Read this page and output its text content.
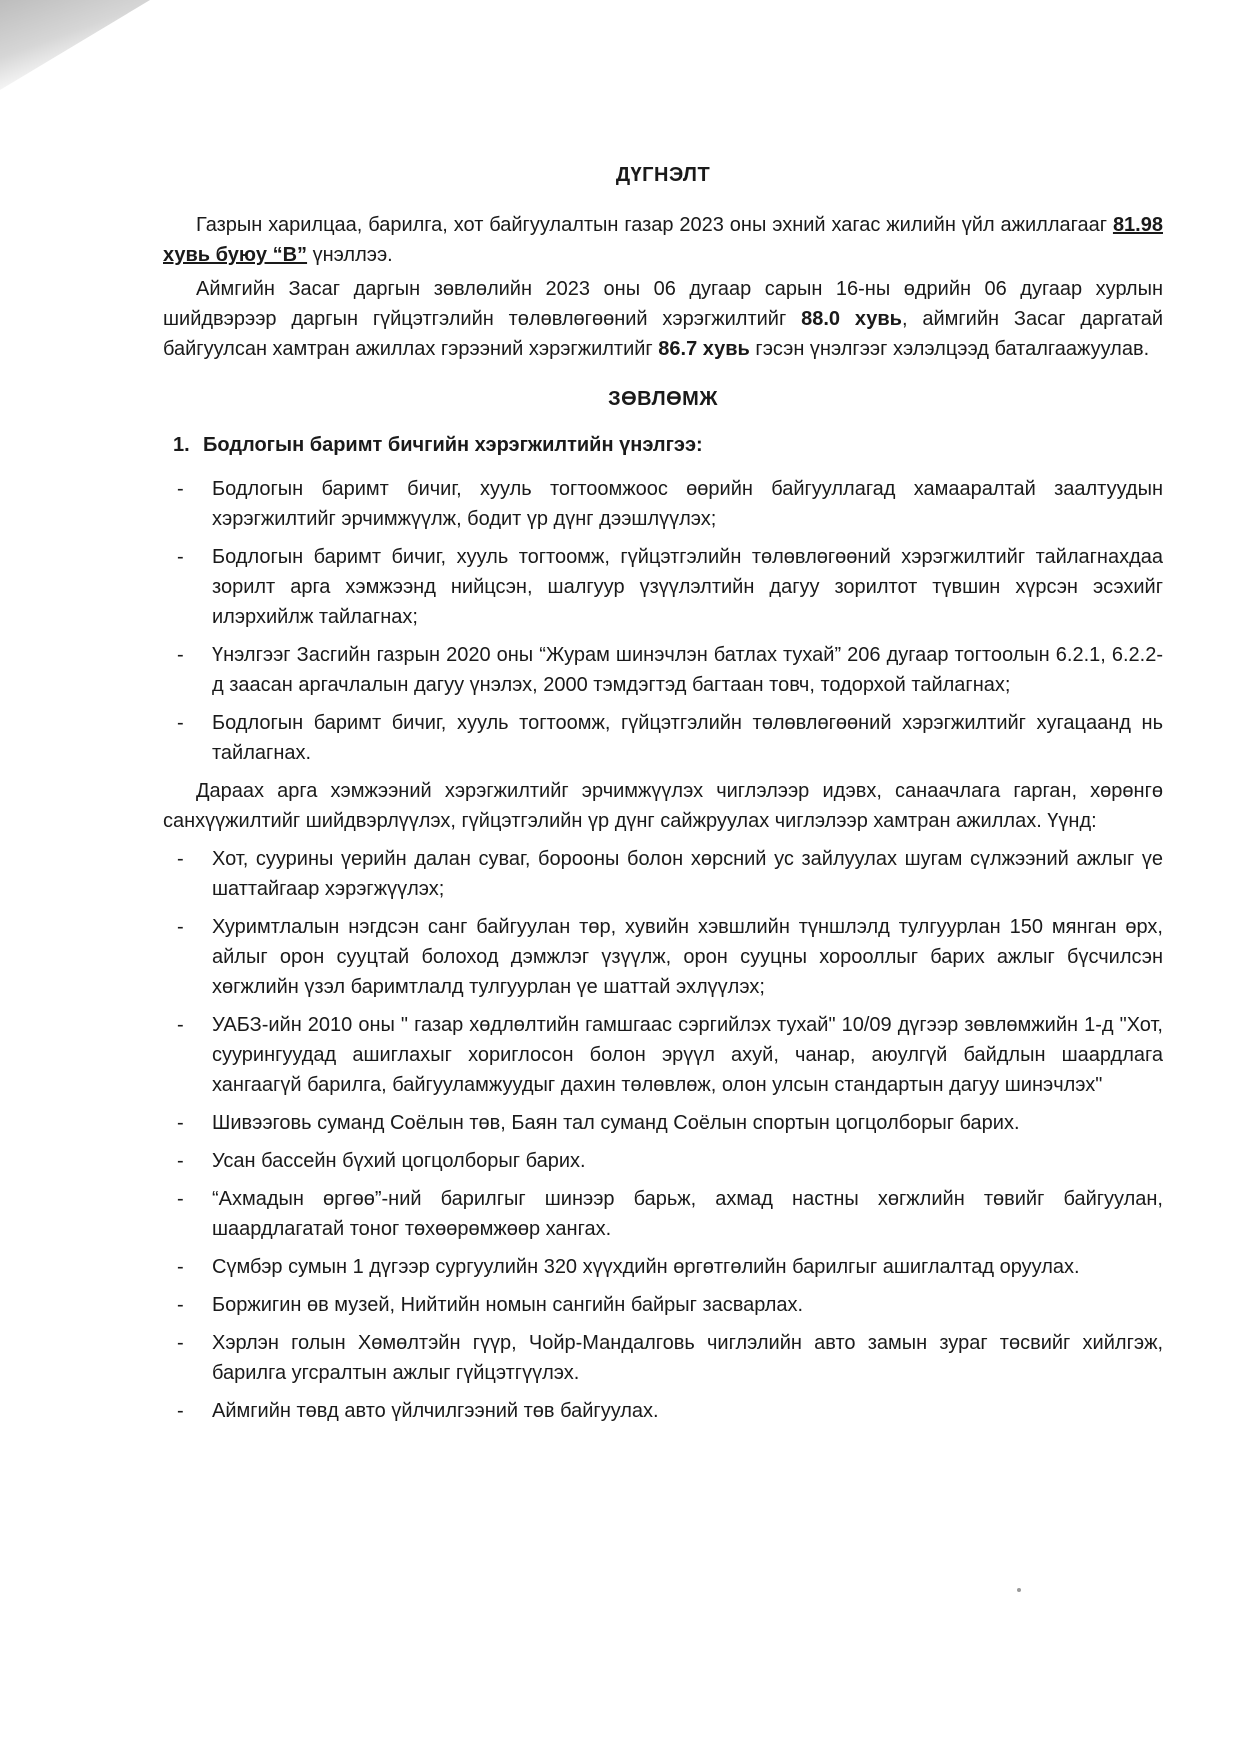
ДҮГНЭЛТ

Газрын харилцаа, барилга, хот байгуулалтын газар 2023 оны эхний хагас жилийн үйл ажиллагааг 81.98 хувь буюу “B” үнэллээ.

Аймгийн Засаг даргын зөвлөлийн 2023 оны 06 дугаар сарын 16-ны өдрийн 06 дугаар хурлын шийдвэрээр даргын гүйцэтгэлийн төлөвлөгөөний хэрэгжилтийг 88.0 хувь, аймгийн Засаг даргатай байгуулсан хамтран ажиллах гэрээний хэрэгжилтийг 86.7 хувь гэсэн үнэлгээг хэлэлцээд баталгаажуулав.

ЗӨВЛӨМЖ
1. Бодлогын баримт бичгийн хэрэгжилтийн үнэлгээ:
- Бодлогын баримт бичиг, хууль тогтоомжоос өөрийн байгууллагад хамааралтай заалтуудын хэрэгжилтийг эрчимжүүлж, бодит үр дүнг дээшлүүлэх;
- Бодлогын баримт бичиг, хууль тогтоомж, гүйцэтгэлийн төлөвлөгөөний хэрэгжилтийг тайлагнахдаа зорилт арга хэмжээнд нийцсэн, шалгуур үзүүлэлтийн дагуу зорилтот түвшин хүрсэн эсэхийг илэрхийлж тайлагнах;
- Үнэлгээг Засгийн газрын 2020 оны “Журам шинэчлэн батлах тухай” 206 дугаар тогтоолын 6.2.1, 6.2.2-д заасан аргачлалын дагуу үнэлэх, 2000 тэмдэгтэд багтаан товч, тодорхой тайлагнах;
- Бодлогын баримт бичиг, хууль тогтоомж, гүйцэтгэлийн төлөвлөгөөний хэрэгжилтийг хугацаанд нь тайлагнах.

Дараах арга хэмжээний хэрэгжилтийг эрчимжүүлэх чиглэлээр идэвх, санаачлага гарган, хөрөнгө санхүүжилтийг шийдвэрлүүлэх, гүйцэтгэлийн үр дүнг сайжруулах чиглэлээр хамтран ажиллах. Үүнд:

- Хот, суурины үерийн далан суваг, борооны болон хөрсний ус зайлуулах шугам сүлжээний ажлыг үе шаттайгаар хэрэгжүүлэх;
- Хуримтлалын нэгдсэн санг байгуулан төр, хувийн хэвшлийн түншлэлд тулгуурлан 150 мянган өрх, айлыг орон сууцтай болоход дэмжлэг үзүүлж, орон сууцны хорооллыг барих ажлыг бүсчилсэн хөгжлийн үзэл баримтлалд тулгуурлан үе шаттай эхлүүлэх;
- УАБЗ-ийн 2010 оны " газар хөдлөлтийн гамшгаас сэргийлэх тухай" 10/09 дүгээр зөвлөмжийн 1-д "Хот, суурингуудад ашиглахыг хориглосон болон эрүүл ахуй, чанар, аюулгүй байдлын шаардлага хангаагүй барилга, байгууламжуудыг дахин төлөвлөж, олон улсын стандартын дагуу шинэчлэх"
- Шивээговь суманд Соёлын төв, Баян тал суманд Соёлын спортын цогцолборыг барих.
- Усан бассейн бүхий цогцолборыг барих.
- “Ахмадын өргөө”-ний барилгыг шинээр барьж, ахмад настны хөгжлийн төвийг байгуулан, шаардлагатай тоног төхөөрөмжөөр хангах.
- Сүмбэр сумын 1 дүгээр сургуулийн 320 хүүхдийн өргөтгөлийн барилгыг ашиглалтад оруулах.
- Боржигин өв музей, Нийтийн номын сангийн байрыг засварлах.
- Хэрлэн голын Хөмөлтэйн гүүр, Чойр-Мандалговь чиглэлийн авто замын зураг төсвийг хийлгэж, барилга угсралтын ажлыг гүйцэтгүүлэх.
- Аймгийн төвд авто үйлчилгээний төв байгуулах.
